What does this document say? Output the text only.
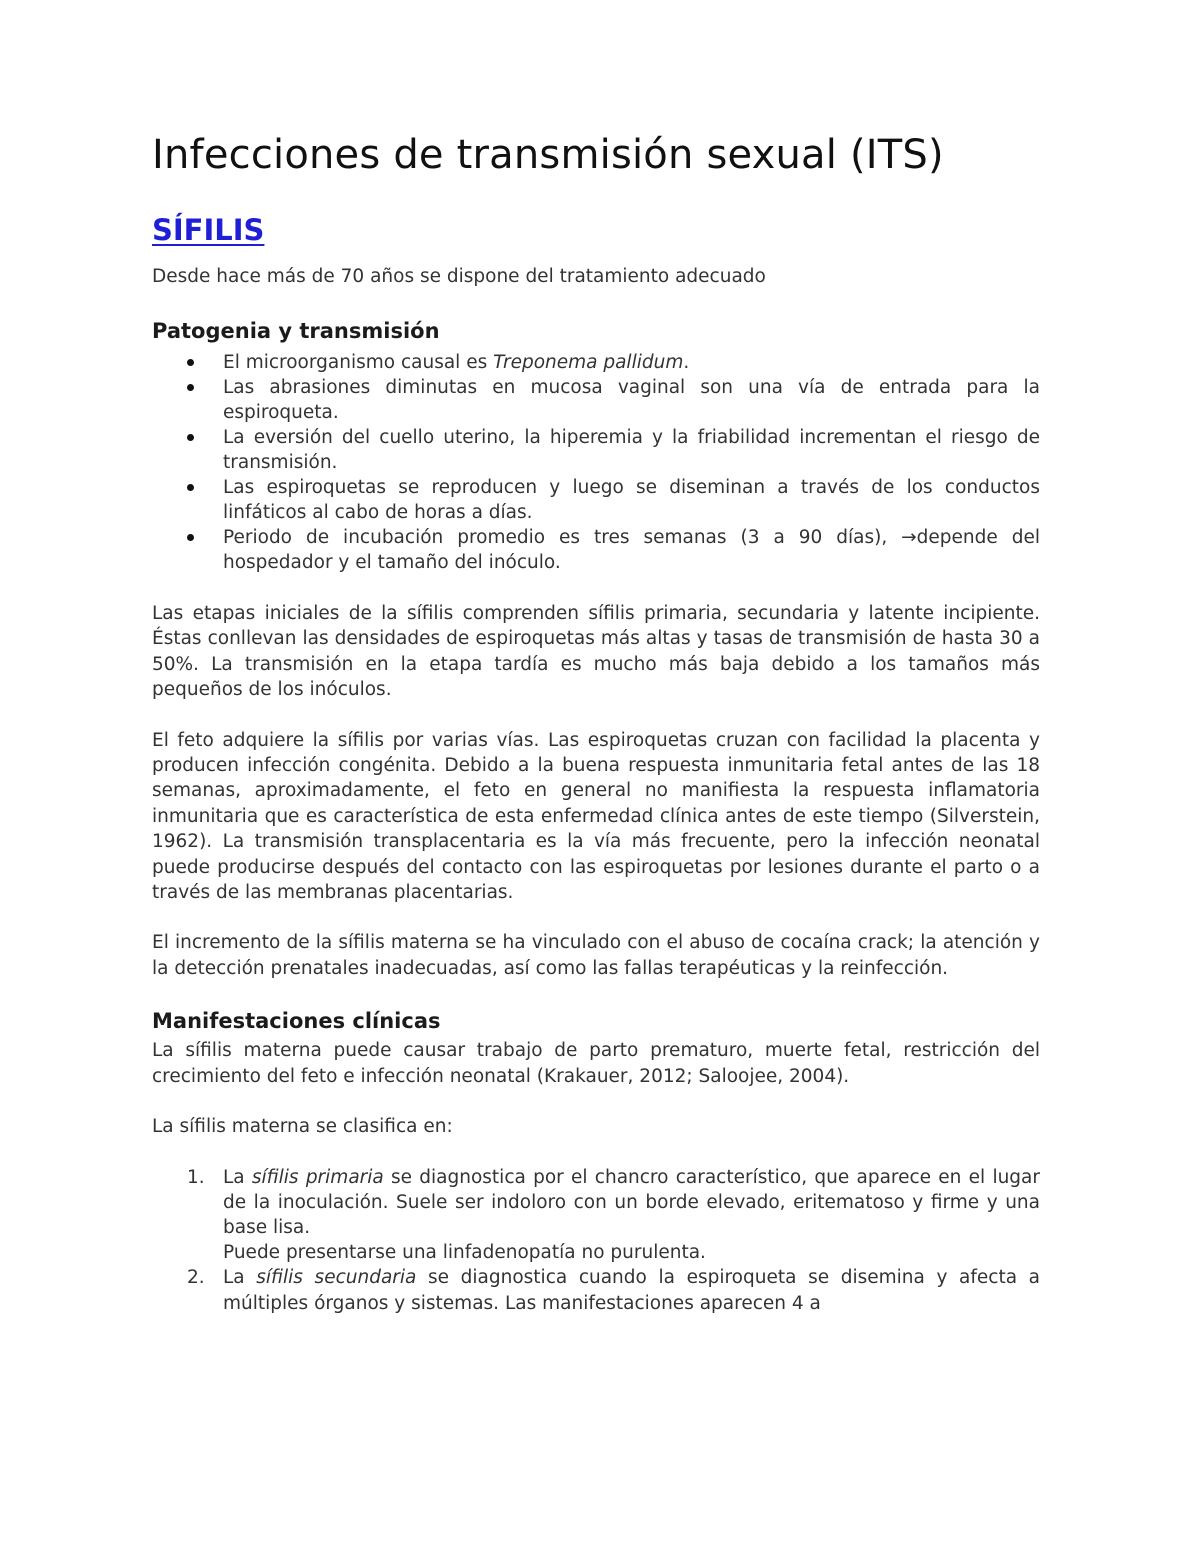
Infecciones de transmisión sexual (ITS)
SÍFILIS

Desde hace más de 70 años se dispone del tratamiento adecuado

Patogenia y transmisión
El microorganismo causal es Treponema pallidum.
Las abrasiones diminutas en mucosa vaginal son una vía de entrada para la espiroqueta.
La eversión del cuello uterino, la hiperemia y la friabilidad incrementan el riesgo de transmisión.
Las espiroquetas se reproducen y luego se diseminan a través de los conductos linfáticos al cabo de horas a días.
Periodo de incubación promedio es tres semanas (3 a 90 días), →depende del hospedador y el tamaño del inóculo.

Las etapas iniciales de la sífilis comprenden sífilis primaria, secundaria y latente incipiente. Éstas conllevan las densidades de espiroquetas más altas y tasas de transmisión de hasta 30 a 50%. La transmisión en la etapa tardía es mucho más baja debido a los tamaños más pequeños de los inóculos.

El feto adquiere la sífilis por varias vías. Las espiroquetas cruzan con facilidad la placenta y producen infección congénita. Debido a la buena respuesta inmunitaria fetal antes de las 18 semanas, aproximadamente, el feto en general no manifiesta la respuesta inflamatoria inmunitaria que es característica de esta enfermedad clínica antes de este tiempo (Silverstein, 1962). La transmisión transplacentaria es la vía más frecuente, pero la infección neonatal puede producirse después del contacto con las espiroquetas por lesiones durante el parto o a través de las membranas placentarias.

El incremento de la sífilis materna se ha vinculado con el abuso de cocaína crack; la atención y la detección prenatales inadecuadas, así como las fallas terapéuticas y la reinfección.

Manifestaciones clínicas

La sífilis materna puede causar trabajo de parto prematuro, muerte fetal, restricción del crecimiento del feto e infección neonatal (Krakauer, 2012; Saloojee, 2004).

La sífilis materna se clasifica en:

1. La sífilis primaria se diagnostica por el chancro característico, que aparece en el lugar de la inoculación. Suele ser indoloro con un borde elevado, eritematoso y firme y una base lisa.
Puede presentarse una linfadenopatía no purulenta.
2. La sífilis secundaria se diagnostica cuando la espiroqueta se disemina y afecta a múltiples órganos y sistemas. Las manifestaciones aparecen 4 a
